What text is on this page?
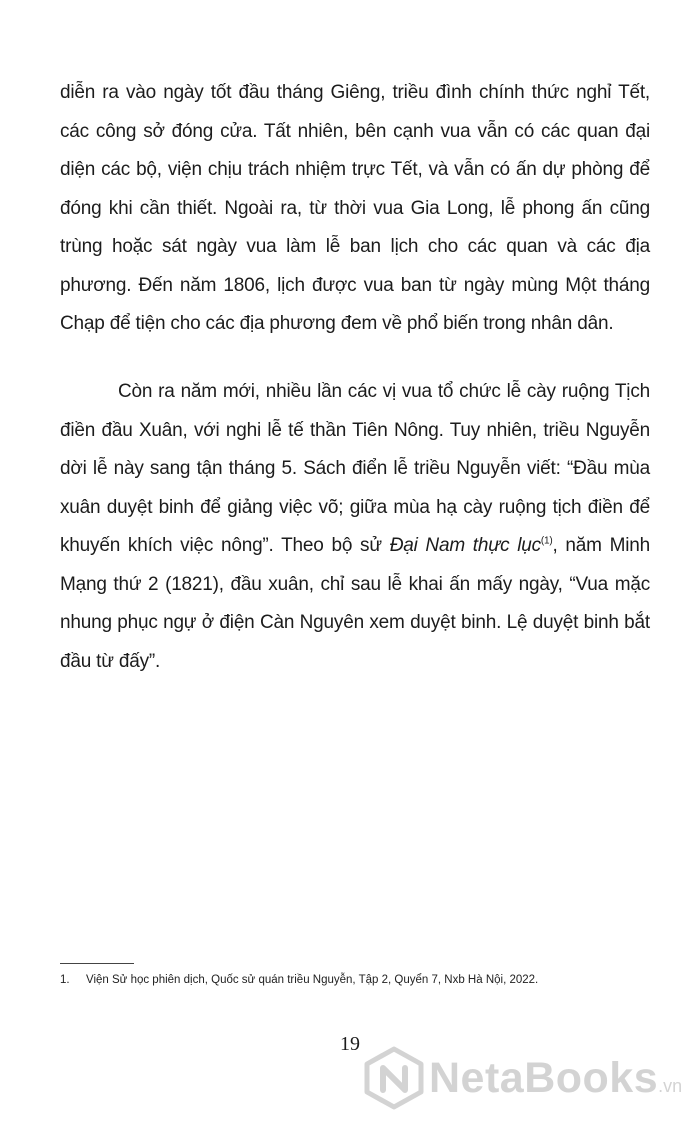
diễn ra vào ngày tốt đầu tháng Giêng, triều đình chính thức nghỉ Tết, các công sở đóng cửa. Tất nhiên, bên cạnh vua vẫn có các quan đại diện các bộ, viện chịu trách nhiệm trực Tết, và vẫn có ấn dự phòng để đóng khi cần thiết. Ngoài ra, từ thời vua Gia Long, lễ phong ấn cũng trùng hoặc sát ngày vua làm lễ ban lịch cho các quan và các địa phương. Đến năm 1806, lịch được vua ban từ ngày mùng Một tháng Chạp để tiện cho các địa phương đem về phổ biến trong nhân dân.

Còn ra năm mới, nhiều lần các vị vua tổ chức lễ cày ruộng Tịch điền đầu Xuân, với nghi lễ tế thần Tiên Nông. Tuy nhiên, triều Nguyễn dời lễ này sang tận tháng 5. Sách điển lễ triều Nguyễn viết: “Đầu mùa xuân duyệt binh để giảng việc võ; giữa mùa hạ cày ruộng tịch điền để khuyến khích việc nông”. Theo bộ sử Đại Nam thực lục$^{(1)}$, năm Minh Mạng thứ 2 (1821), đầu xuân, chỉ sau lễ khai ấn mấy ngày, “Vua mặc nhung phục ngự ở điện Càn Nguyên xem duyệt binh. Lệ duyệt binh bắt đầu từ đấy”.

1. Viện Sử học phiên dịch, Quốc sử quán triều Nguyễn, Tập 2, Quyển 7, Nxb Hà Nội, 2022.
19
NetaBooks.vn
